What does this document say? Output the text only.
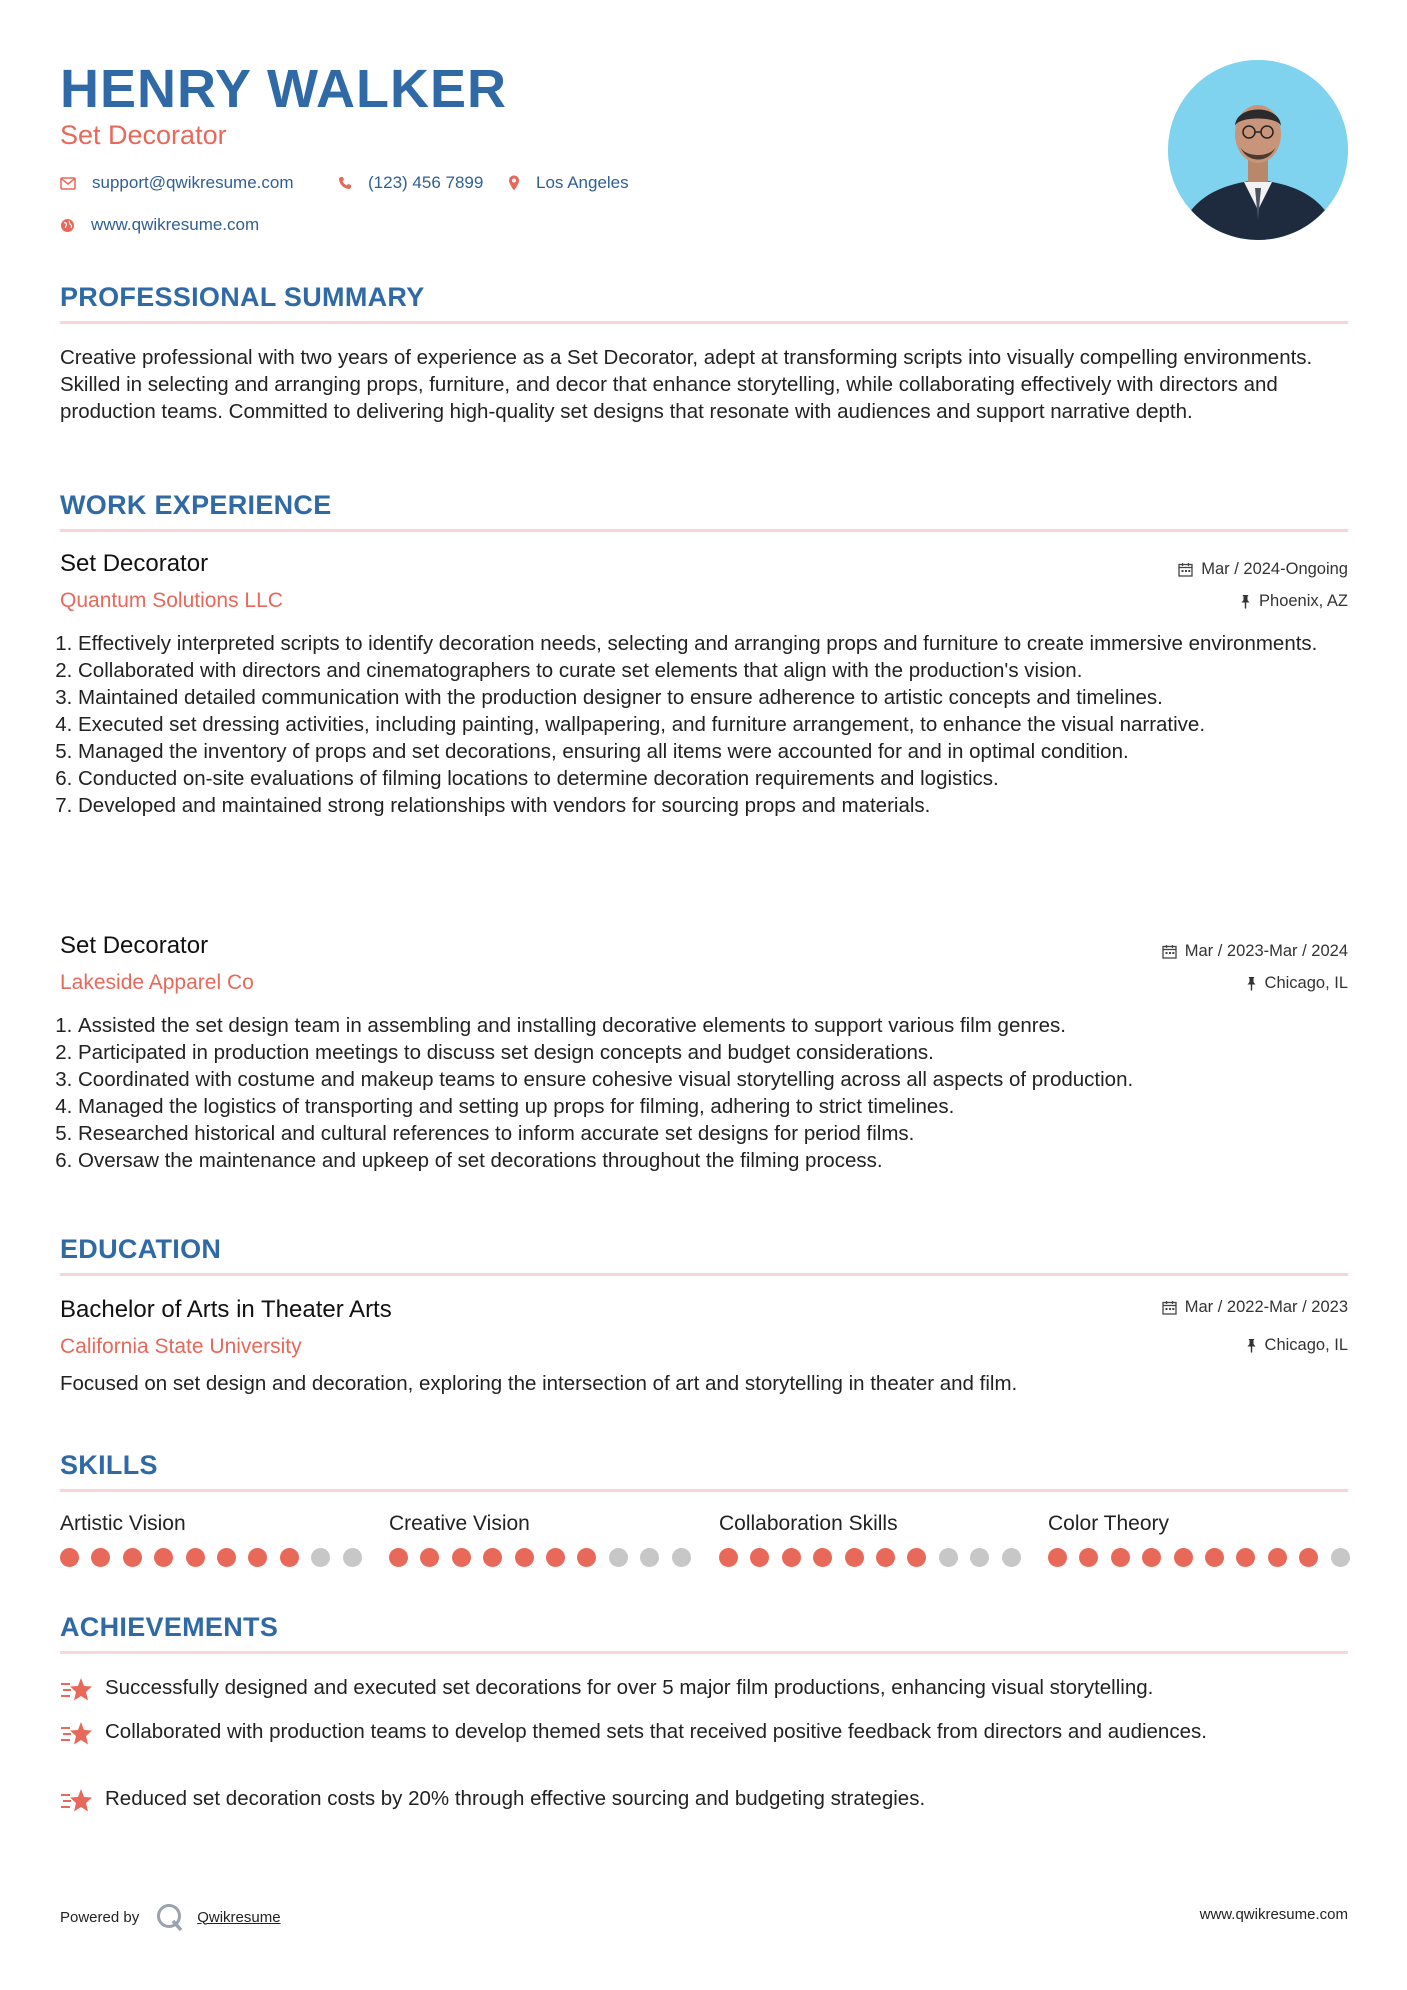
HENRY WALKER
Set Decorator
support@qwikresume.com	(123) 456 7899	Los Angeles
www.qwikresume.com
PROFESSIONAL SUMMARY
Creative professional with two years of experience as a Set Decorator, adept at transforming scripts into visually compelling environments. Skilled in selecting and arranging props, furniture, and decor that enhance storytelling, while collaborating effectively with directors and production teams. Committed to delivering high-quality set designs that resonate with audiences and support narrative depth.
WORK EXPERIENCE
Set Decorator	Mar / 2024-Ongoing
Quantum Solutions LLC	Phoenix, AZ
1. Effectively interpreted scripts to identify decoration needs, selecting and arranging props and furniture to create immersive environments.
2. Collaborated with directors and cinematographers to curate set elements that align with the production's vision.
3. Maintained detailed communication with the production designer to ensure adherence to artistic concepts and timelines.
4. Executed set dressing activities, including painting, wallpapering, and furniture arrangement, to enhance the visual narrative.
5. Managed the inventory of props and set decorations, ensuring all items were accounted for and in optimal condition.
6. Conducted on-site evaluations of filming locations to determine decoration requirements and logistics.
7. Developed and maintained strong relationships with vendors for sourcing props and materials.
Set Decorator	Mar / 2023-Mar / 2024
Lakeside Apparel Co	Chicago, IL
1. Assisted the set design team in assembling and installing decorative elements to support various film genres.
2. Participated in production meetings to discuss set design concepts and budget considerations.
3. Coordinated with costume and makeup teams to ensure cohesive visual storytelling across all aspects of production.
4. Managed the logistics of transporting and setting up props for filming, adhering to strict timelines.
5. Researched historical and cultural references to inform accurate set designs for period films.
6. Oversaw the maintenance and upkeep of set decorations throughout the filming process.
EDUCATION
Bachelor of Arts in Theater Arts	Mar / 2022-Mar / 2023
California State University	Chicago, IL
Focused on set design and decoration, exploring the intersection of art and storytelling in theater and film.
SKILLS
Artistic Vision	Creative Vision	Collaboration Skills	Color Theory
ACHIEVEMENTS
Successfully designed and executed set decorations for over 5 major film productions, enhancing visual storytelling.
Collaborated with production teams to develop themed sets that received positive feedback from directors and audiences.
Reduced set decoration costs by 20% through effective sourcing and budgeting strategies.
Powered by	Qwikresume	www.qwikresume.com
